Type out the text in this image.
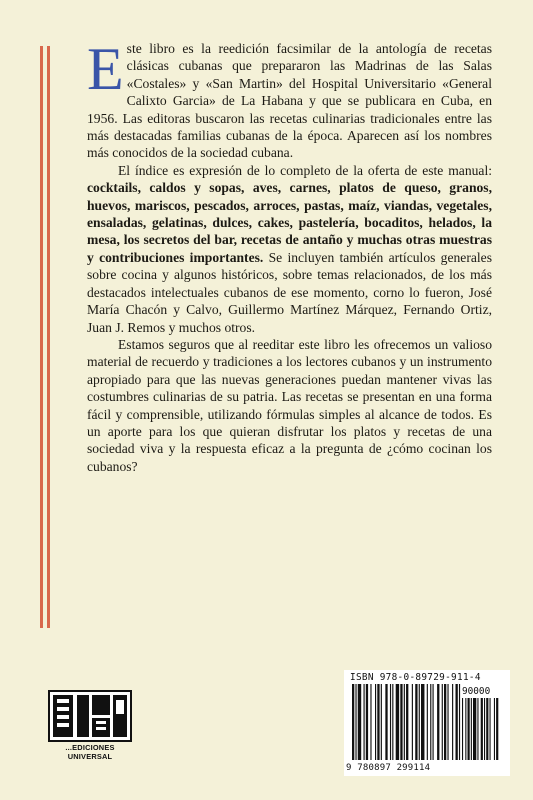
Este libro es la reedición facsimilar de la antología de recetas clásicas cubanas que prepararon las Madrinas de las Salas «Costales» y «San Martin» del Hospital Universitario «General Calixto Garcia» de La Habana y que se publicara en Cuba, en 1956. Las editoras buscaron las recetas culinarias tradicionales entre las más destacadas familias cubanas de la época. Aparecen así los nombres más conocidos de la sociedad cubana.

El índice es expresión de lo completo de la oferta de este manual: cocktails, caldos y sopas, aves, carnes, platos de queso, granos, huevos, mariscos, pescados, arroces, pastas, maíz, viandas, vegetales, ensaladas, gelatinas, dulces, cakes, pastelería, bocaditos, helados, la mesa, los secretos del bar, recetas de antaño y muchas otras muestras y contribuciones importantes. Se incluyen también artículos generales sobre cocina y algunos históricos, sobre temas relacionados, de los más destacados intelectuales cubanos de ese momento, corno lo fueron, José María Chacón y Calvo, Guillermo Martínez Márquez, Fernando Ortiz, Juan J. Remos y muchos otros.

Estamos seguros que al reeditar este libro les ofrecemos un valioso material de recuerdo y tradiciones a los lectores cubanos y un instrumento apropiado para que las nuevas generaciones puedan mantener vivas las costumbres culinarias de su patria. Las recetas se presentan en una forma fácil y comprensible, utilizando fórmulas simples al alcance de todos. Es un aporte para los que quieran disfrutar los platos y recetas de una sociedad viva y la respuesta eficaz a la pregunta de ¿cómo cocinan los cubanos?

...EDICIONES UNIVERSAL
ISBN 978-0-89729-911-4
90000
9 780897 299114
